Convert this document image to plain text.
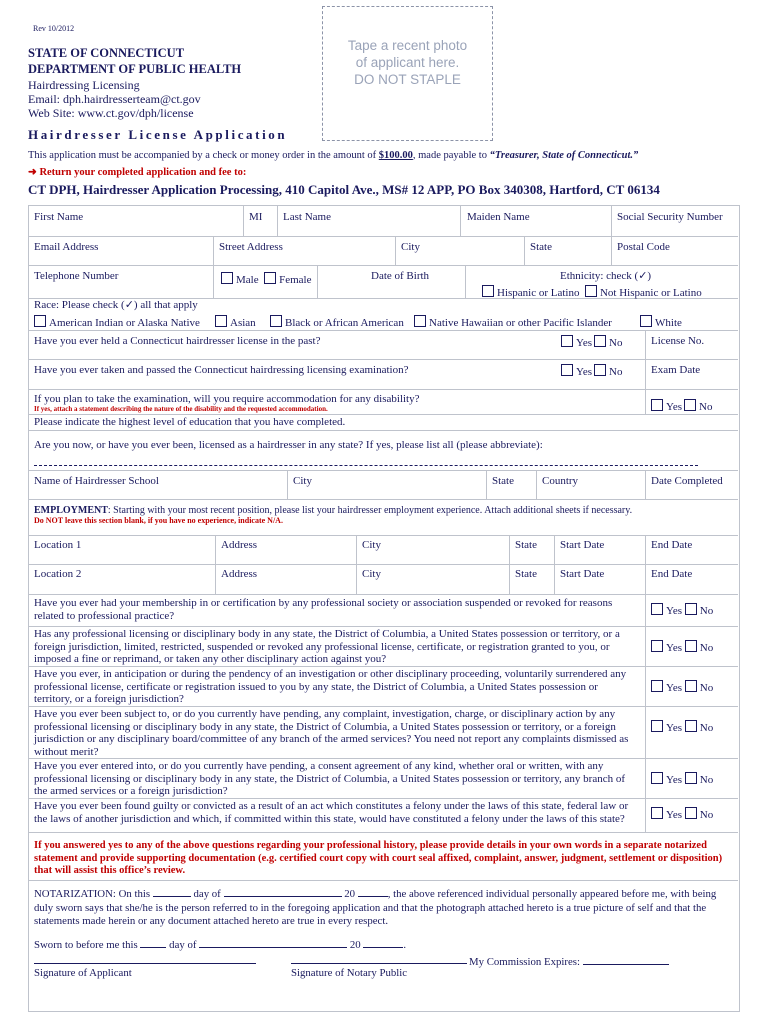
Rev 10/2012
STATE OF CONNECTICUT
DEPARTMENT OF PUBLIC HEALTH
Hairdressing Licensing
Email: dph.hairdresserteam@ct.gov
Web Site: www.ct.gov/dph/license
Tape a recent photo
of applicant here.
DO NOT STAPLE
Hairdresser License Application
This application must be accompanied by a check or money order in the amount of $100.00, made payable to “Treasurer, State of Connecticut.”
➜ Return your completed application and fee to:
CT DPH, Hairdresser Application Processing, 410 Capitol Ave., MS# 12 APP, PO Box 340308, Hartford, CT 06134
First Name	MI Last Name	Maiden Name	Social Security Number
Email Address	Street Address	City	State	Postal Code
Telephone Number	Male Female	Date of Birth	Ethnicity: check (✓)
Hispanic or Latino Not Hispanic or Latino
Race: Please check (✓) all that apply
American Indian or Alaska Native	Asian	Black or African American	Native Hawaiian or other Pacific Islander	White
Have you ever held a Connecticut hairdresser license in the past?	Yes No	License No.
Have you ever taken and passed the Connecticut hairdressing licensing examination?	Yes No	Exam Date
If you plan to take the examination, will you require accommodation for any disability?
If yes, attach a statement describing the nature of the disability and the requested accommodation.	Yes No
Please indicate the highest level of education that you have completed.
Are you now, or have you ever been, licensed as a hairdresser in any state? If yes, please list all (please abbreviate):
Name of Hairdresser School	City	State	Country	Date Completed
EMPLOYMENT: Starting with your most recent position, please list your hairdresser employment experience. Attach additional sheets if necessary.
Do NOT leave this section blank, if you have no experience, indicate N/A.
Location 1	Address	City	State Start Date	End Date
Location 2	Address	City	State Start Date	End Date
Have you ever had your membership in or certification by any professional society or association suspended or revoked for reasons related to professional practice?	Yes No
Has any professional licensing or disciplinary body in any state, the District of Columbia, a United States possession or territory, or a foreign jurisdiction, limited, restricted, suspended or revoked any professional license, certificate, or registration granted to you, or imposed a fine or reprimand, or taken any other disciplinary action against you?
Yes No
Have you ever, in anticipation or during the pendency of an investigation or other disciplinary proceeding, voluntarily surrendered any professional license, certificate or registration issued to you by any state, the District of Columbia, a United States possession or territory, or a foreign jurisdiction?
Yes No
Have you ever been subject to, or do you currently have pending, any complaint, investigation, charge, or disciplinary action by any professional licensing or disciplinary body in any state, the District of Columbia, a United States possession or territory, or a foreign jurisdiction or any disciplinary board/committee of any branch of the armed services? You need not report any complaints dismissed as without merit?
Yes No
Have you ever entered into, or do you currently have pending, a consent agreement of any kind, whether oral or written, with any professional licensing or disciplinary body in any state, the District of Columbia, a United States possession or territory, any branch of the armed services or a foreign jurisdiction?
Yes No
Have you ever been found guilty or convicted as a result of an act which constitutes a felony under the laws of this state, federal law or the laws of another jurisdiction and which, if committed within this state, would have constituted a felony under the laws of this state?	Yes No
If you answered yes to any of the above questions regarding your professional history, please provide details in your own words in a separate notarized statement and provide supporting documentation (e.g. certified court copy with court seal affixed, complaint, answer, judgment, settlement or disposition) that will assist this office’s review.
NOTARIZATION: On this	day of	20	, the above referenced individual personally appeared before me, with being duly sworn says that she/he is the person referred to in the foregoing application and that the photograph attached hereto is a true picture of self and that the statements made herein or any document attached hereto are true in every respect.
Sworn to before me this	day of	20	.
My Commission Expires:
Signature of Applicant	Signature of Notary Public
